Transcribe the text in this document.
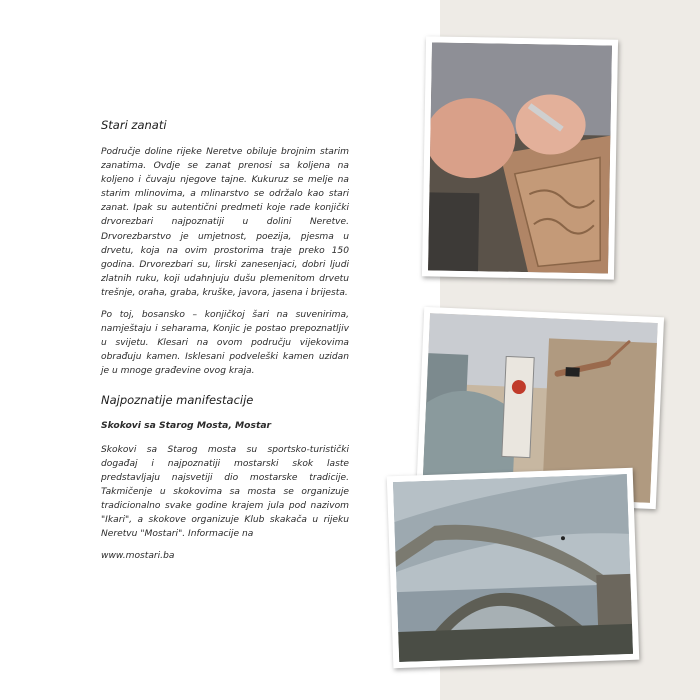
Stari zanati

Područje doline rijeke Neretve obiluje brojnim starim zanatima. Ovdje se zanat prenosi sa koljena na koljeno i čuvaju njegove tajne. Kukuruz se melje na starim mlinovima, a mlinarstvo se održalo kao stari zanat. Ipak su autentični predmeti koje rade konjički drvorezbari najpoznatiji u dolini Neretve. Drvorezbarstvo je umjetnost, poezija, pjesma u drvetu, koja na ovim prostorima traje preko 150 godina. Drvorezbari su, lirski zanesenjaci, dobri ljudi zlatnih ruku, koji udahnjuju dušu plemenitom drvetu trešnje, oraha, graba, kruške, javora, jasena i brijesta.

Po toj, bosansko – konjičkoj šari na suvenirima, namještaju i seharama, Konjic je postao prepoznatljiv u svijetu. Klesari na ovom području vijekovima obrađuju kamen. Isklesani podveleški kamen uzidan je u mnoge građevine ovog kraja.

Najpoznatije manifestacije
Skokovi sa Starog Mosta, Mostar

Skokovi sa Starog mosta su sportsko-turistički događaj i najpoznatiji mostarski skok laste predstavljaju najsvetiji dio mostarske tradicije. Takmičenje u skokovima sa mosta se organizuje tradicionalno svake godine krajem jula pod nazivom "Ikari", a skokove organizuje Klub skakača u rijeku Neretvu "Mostari". Informacije na

www.mostari.ba
